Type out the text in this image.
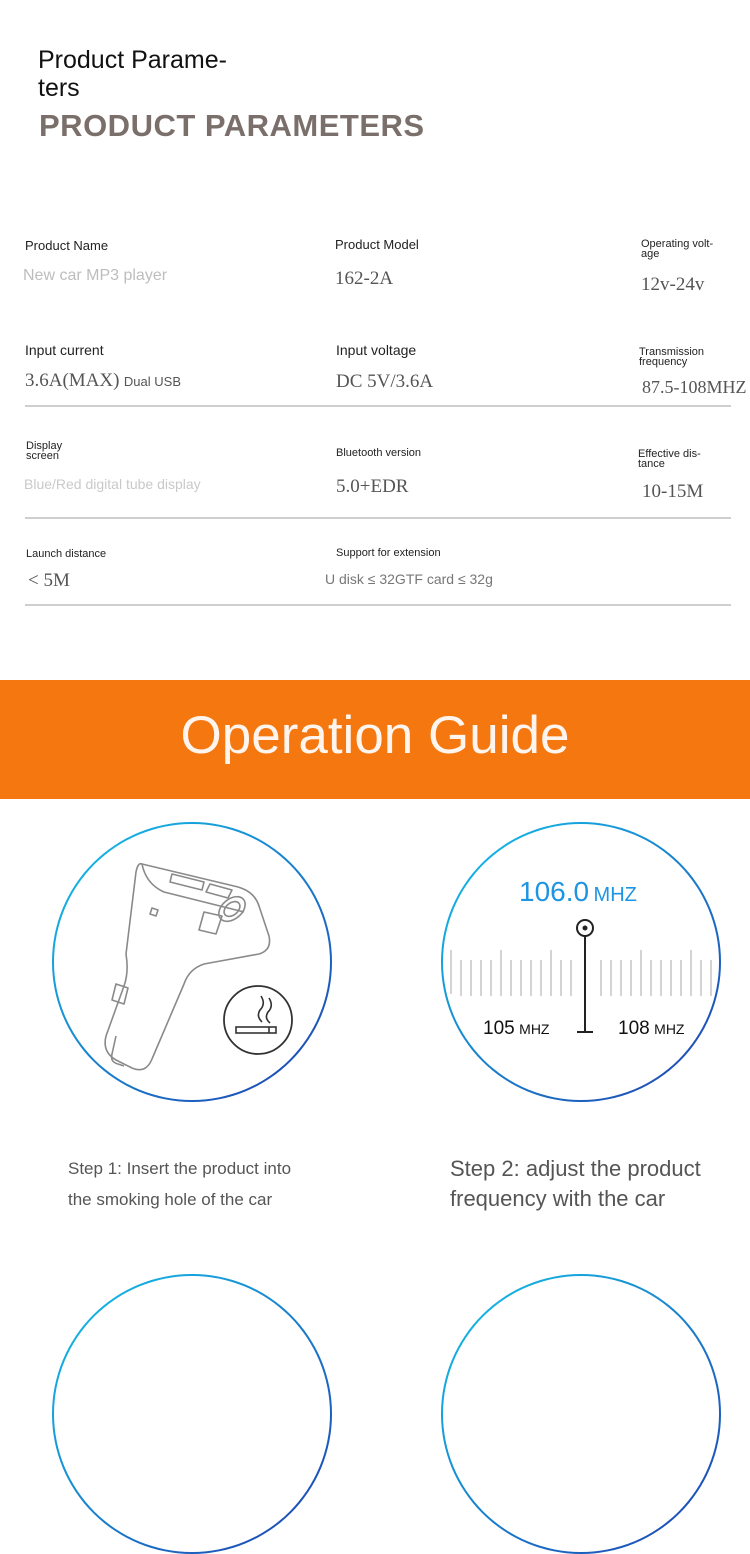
Product Parame-
ters
PRODUCT PARAMETERS
Product Name
New car MP3 player
Product Model
162-2A
Operating volt-
age
12v-24v
Input current
3.6A(MAX) Dual USB
Input voltage
DC 5V/3.6A
Transmission
frequency
87.5-108MHZ
Display
screen
Blue/Red digital tube display
Bluetooth version
5.0+EDR
Effective dis-
tance
10-15M
Launch distance
< 5M
Support for extension
U disk ≤ 32GTF card ≤ 32g
Operation Guide
106.0 MHZ
105 MHZ	108 MHZ
Step 1: Insert the product into the smoking hole of the car
Step 2: adjust the product frequency with the car
